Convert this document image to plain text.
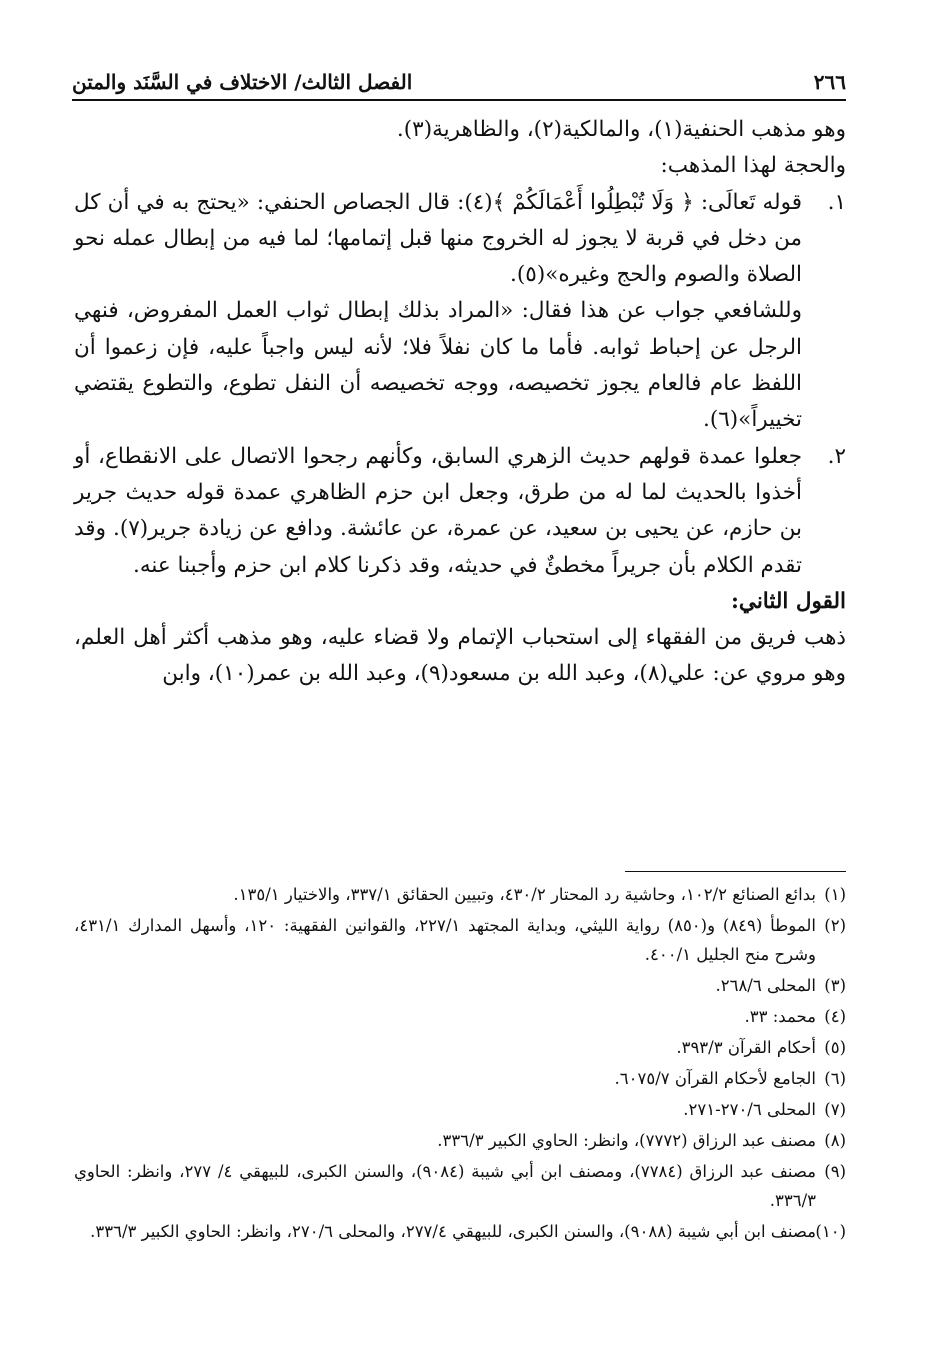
٢٦٦
الفصل الثالث/ الاختلاف في السَّنَد والمتن

وهو مذهب الحنفية(١)، والمالكية(٢)، والظاهرية(٣).

والحجة لهذا المذهب:

١.

قوله تَعالَى: ﴿ وَلَا تُبْطِلُوا أَعْمَالَكُمْ ﴾(٤): قال الجصاص الحنفي: «يحتج به في أن كل من دخل في قربة لا يجوز له الخروج منها قبل إتمامها؛ لما فيه من إبطال عمله نحو الصلاة والصوم والحج وغيره»(٥).

وللشافعي جواب عن هذا فقال: «المراد بذلك إبطال ثواب العمل المفروض، فنهي الرجل عن إحباط ثوابه. فأما ما كان نفلاً فلا؛ لأنه ليس واجباً عليه، فإن زعموا أن اللفظ عام فالعام يجوز تخصيصه، ووجه تخصيصه أن النفل تطوع، والتطوع يقتضي تخييراً»(٦).

٢.

جعلوا عمدة قولهم حديث الزهري السابق، وكأنهم رجحوا الاتصال على الانقطاع، أو أخذوا بالحديث لما له من طرق، وجعل ابن حزم الظاهري عمدة قوله حديث جرير بن حازم، عن يحيى بن سعيد، عن عمرة، عن عائشة. ودافع عن زيادة جرير(٧). وقد تقدم الكلام بأن جريراً مخطئٌ في حديثه، وقد ذكرنا كلام ابن حزم وأجبنا عنه.

القول الثاني:

ذهب فريق من الفقهاء إلى استحباب الإتمام ولا قضاء عليه، وهو مذهب أكثر أهل العلم، وهو مروي عن: علي(٨)، وعبد الله بن مسعود(٩)، وعبد الله بن عمر(١٠)، وابن

(١)
بدائع الصنائع ١٠٢/٢، وحاشية رد المحتار ٤٣٠/٢، وتبيين الحقائق ٣٣٧/١، والاختيار ١٣٥/١.
(٢)
الموطأ (٨٤٩) و(٨٥٠) رواية الليثي، وبداية المجتهد ٢٢٧/١، والقوانين الفقهية: ١٢٠، وأسهل المدارك ٤٣١/١، وشرح منح الجليل ٤٠٠/١.
(٣)
المحلى ٢٦٨/٦.
(٤)
محمد: ٣٣.
(٥)
أحكام القرآن ٣٩٣/٣.
(٦)
الجامع لأحكام القرآن ٦٠٧٥/٧.
(٧)
المحلى ٢٧٠/٦-٢٧١.
(٨)
مصنف عبد الرزاق (٧٧٧٢)، وانظر: الحاوي الكبير ٣٣٦/٣.
(٩)
مصنف عبد الرزاق (٧٧٨٤)، ومصنف ابن أبي شيبة (٩٠٨٤)، والسنن الكبرى، للبيهقي ٤/ ٢٧٧، وانظر: الحاوي ٣٣٦/٣.
(١٠)
مصنف ابن أبي شيبة (٩٠٨٨)، والسنن الكبرى، للبيهقي ٢٧٧/٤، والمحلى ٢٧٠/٦، وانظر: الحاوي الكبير ٣٣٦/٣.
